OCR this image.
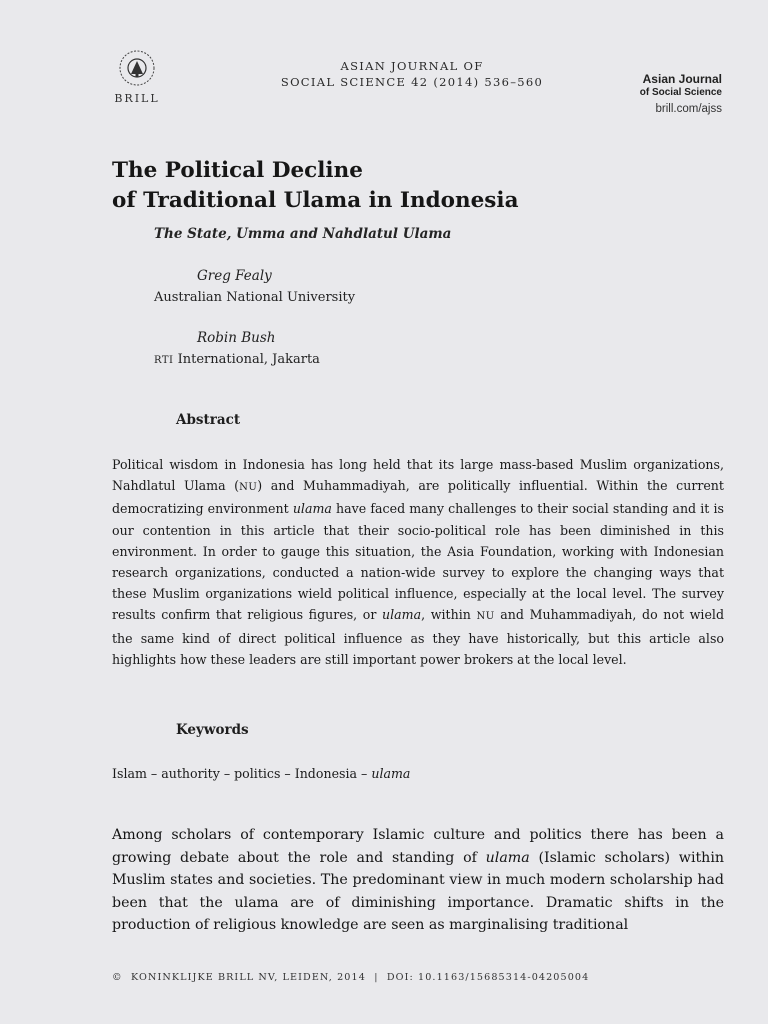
BRILL
ASIAN JOURNAL OF
SOCIAL SCIENCE 42 (2014) 536–560	Asian Journal
of Social Science
brill.com/ajss
The Political Decline
of Traditional Ulama in Indonesia
The State, Umma and Nahdlatul Ulama
Greg Fealy
Australian National University
Robin Bush
RTI International, Jakarta
Abstract
Political wisdom in Indonesia has long held that its large mass-based Muslim organizations, Nahdlatul Ulama (NU) and Muhammadiyah, are politically influential. Within the current democratizing environment ulama have faced many challenges to their social standing and it is our contention in this article that their socio-political role has been diminished in this environment. In order to gauge this situation, the Asia Foundation, working with Indonesian research organizations, conducted a nation-wide survey to explore the changing ways that these Muslim organizations wield political influence, especially at the local level. The survey results confirm that religious figures, or ulama, within NU and Muhammadiyah, do not wield the same kind of direct political influence as they have historically, but this article also highlights how these leaders are still important power brokers at the local level.
Keywords
Islam – authority – politics – Indonesia – ulama
Among scholars of contemporary Islamic culture and politics there has been a growing debate about the role and standing of ulama (Islamic scholars) within Muslim states and societies. The predominant view in much modern scholarship had been that the ulama are of diminishing importance. Dramatic shifts in the production of religious knowledge are seen as marginalising traditional
© KONINKLIJKE BRILL NV, LEIDEN, 2014 | DOI: 10.1163/15685314-04205004
